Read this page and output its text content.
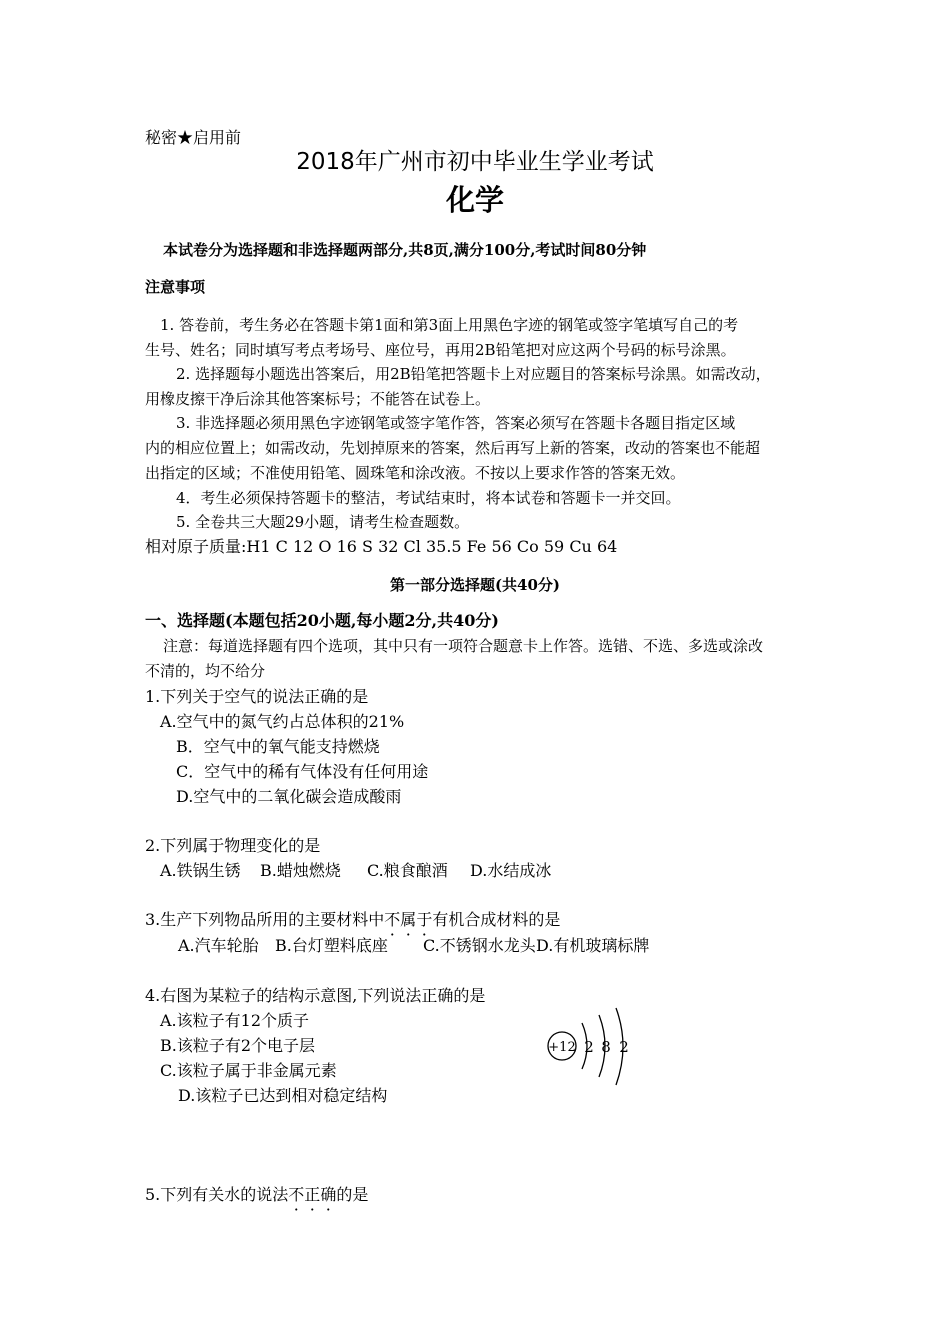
秘密★启用前
2018年广州市初中毕业生学业考试
化学
本试卷分为选择题和非选择题两部分,共8页,满分100分,考试时间80分钟
注意事项
1. 答卷前，考生务必在答题卡第1面和第3面上用黑色字迹的钢笔或签字笔填写自己的考
生号、姓名；同时填写考点考场号、座位号，再用2B铅笔把对应这两个号码的标号涂黑。
2. 选择题每小题选出答案后，用2B铅笔把答题卡上对应题目的答案标号涂黑。如需改动，
用橡皮擦干净后涂其他答案标号；不能答在试卷上。
3. 非选择题必须用黑色字迹钢笔或签字笔作答，答案必须写在答题卡各题目指定区域
内的相应位置上；如需改动，先划掉原来的答案，然后再写上新的答案，改动的答案也不能超
出指定的区域；不准使用铅笔、圆珠笔和涂改液。不按以上要求作答的答案无效。
4．考生必须保持答题卡的整洁，考试结束时，将本试卷和答题卡一并交回。
5. 全卷共三大题29小题，请考生检查题数。
相对原子质量:H1 C 12 O 16 S 32 Cl 35.5 Fe 56 Co 59 Cu 64
第一部分选择题(共40分)
一、选择题(本题包括20小题,每小题2分,共40分)
注意：每道选择题有四个选项，其中只有一项符合题意卡上作答。选错、不选、多选或涂改
不清的，均不给分
1.下列关于空气的说法正确的是
A.空气中的氮气约占总体积的21%
B．空气中的氧气能支持燃烧
C．空气中的稀有气体没有任何用途
D.空气中的二氧化碳会造成酸雨
2.下列属于物理变化的是
A.铁锅生锈 B.蜡烛燃烧 C.粮食酿酒 D.水结成冰
3.生产下列物品所用的主要材料中不属于有机合成材料的是
A.汽车轮胎 B.台灯塑料底座 C.不锈钢水龙头D.有机玻璃标牌
4.右图为某粒子的结构示意图,下列说法正确的是
A.该粒子有12个质子
B.该粒子有2个电子层
C.该粒子属于非金属元素
D.该粒子已达到相对稳定结构
+12 2 8 2
5.下列有关水的说法不正确的是
